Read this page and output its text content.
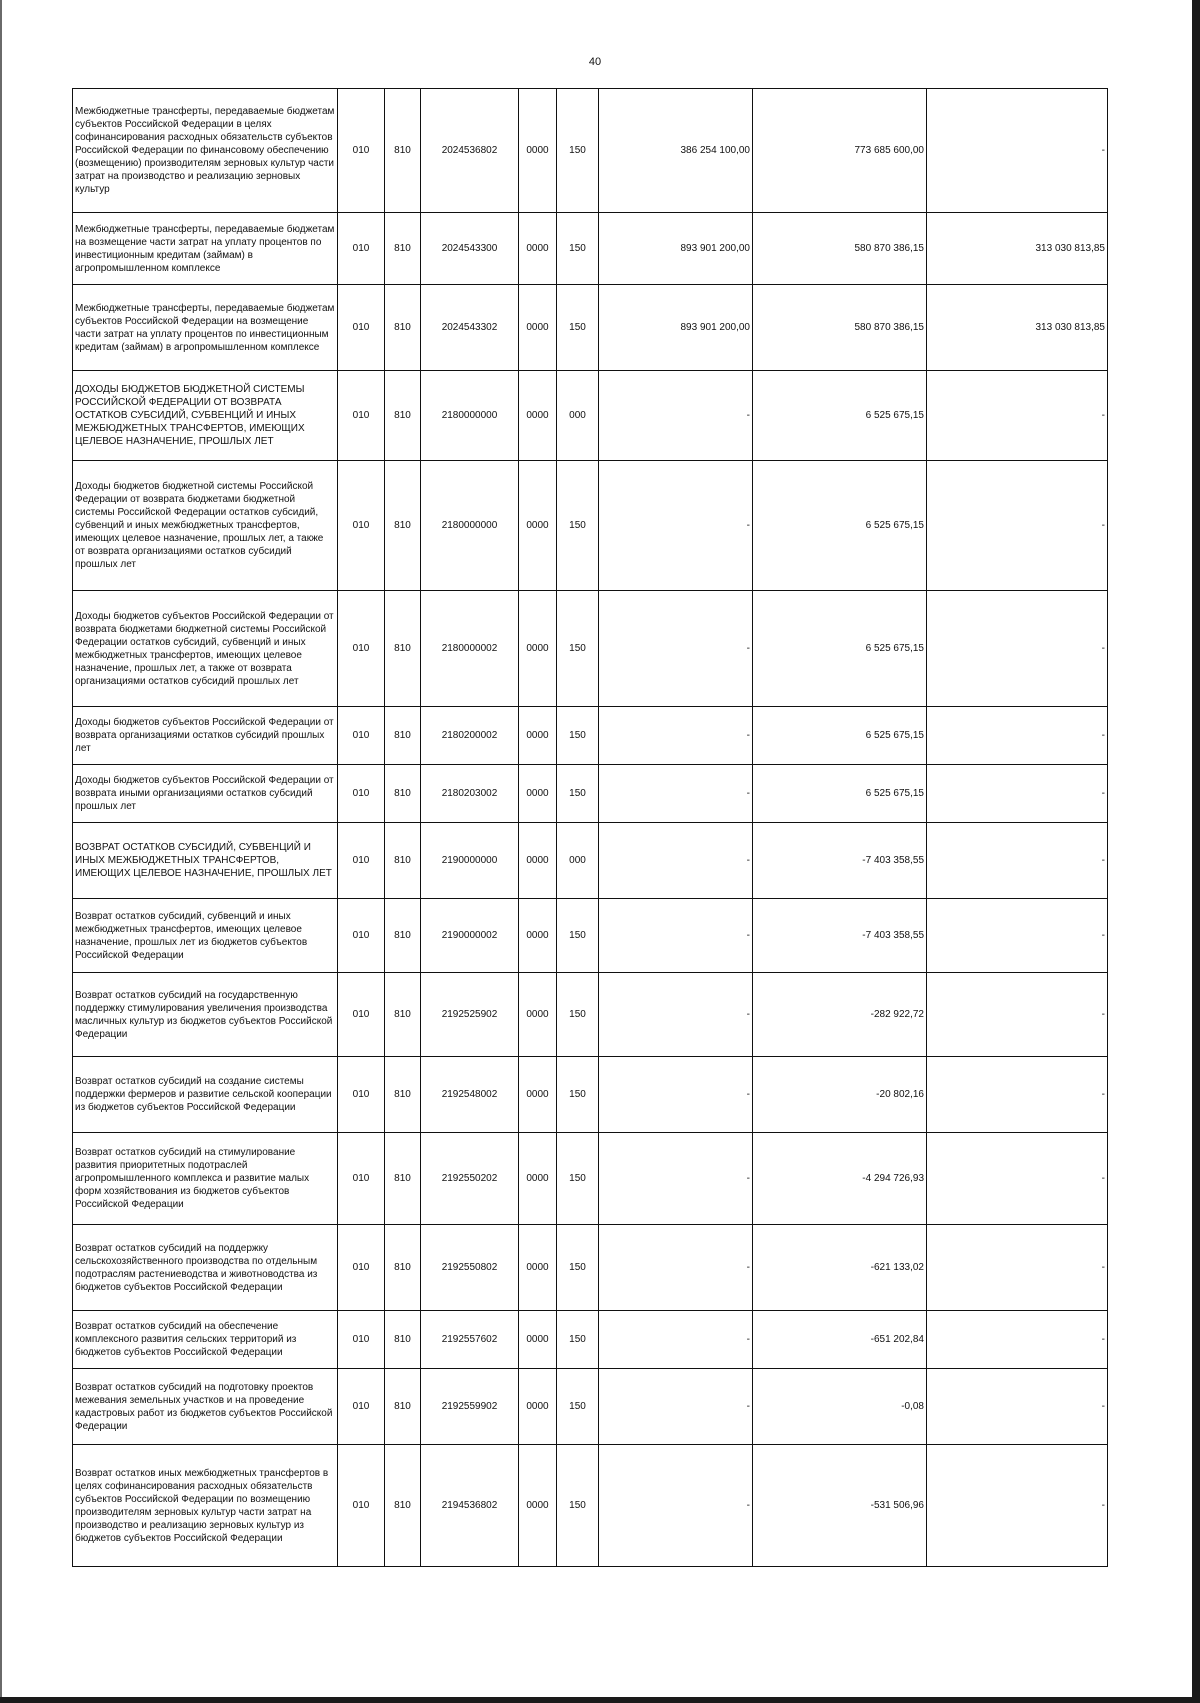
40
Межбюджетные трансферты, передаваемые бюджетам субъектов Российской Федерации в целях софинансирования расходных обязательств субъектов Российской Федерации по финансовому обеспечению (возмещению) производителям зерновых культур части затрат на производство и реализацию зерновых культур	010	810	2024536802	0000	150	386 254 100,00	773 685 600,00	-
Межбюджетные трансферты, передаваемые бюджетам на возмещение части затрат на уплату процентов по инвестиционным кредитам (займам) в агропромышленном комплексе	010	810	2024543300	0000	150	893 901 200,00	580 870 386,15	313 030 813,85
Межбюджетные трансферты, передаваемые бюджетам субъектов Российской Федерации на возмещение части затрат на уплату процентов по инвестиционным кредитам (займам) в агропромышленном комплексе	010	810	2024543302	0000	150	893 901 200,00	580 870 386,15	313 030 813,85
ДОХОДЫ БЮДЖЕТОВ БЮДЖЕТНОЙ СИСТЕМЫ РОССИЙСКОЙ ФЕДЕРАЦИИ ОТ ВОЗВРАТА ОСТАТКОВ СУБСИДИЙ, СУБВЕНЦИЙ И ИНЫХ МЕЖБЮДЖЕТНЫХ ТРАНСФЕРТОВ, ИМЕЮЩИХ ЦЕЛЕВОЕ НАЗНАЧЕНИЕ, ПРОШЛЫХ ЛЕТ	010	810	2180000000	0000	000	-	6 525 675,15	-
Доходы бюджетов бюджетной системы Российской Федерации от возврата бюджетами бюджетной системы Российской Федерации остатков субсидий, субвенций и иных межбюджетных трансфертов, имеющих целевое назначение, прошлых лет, а также от возврата организациями остатков субсидий прошлых лет	010	810	2180000000	0000	150	-	6 525 675,15	-
Доходы бюджетов субъектов Российской Федерации от возврата бюджетами бюджетной системы Российской Федерации остатков субсидий, субвенций и иных межбюджетных трансфертов, имеющих целевое назначение, прошлых лет, а также от возврата организациями остатков субсидий прошлых лет	010	810	2180000002	0000	150	-	6 525 675,15	-
Доходы бюджетов субъектов Российской Федерации от возврата организациями остатков субсидий прошлых лет	010	810	2180200002	0000	150	-	6 525 675,15	-
Доходы бюджетов субъектов Российской Федерации от возврата иными организациями остатков субсидий прошлых лет	010	810	2180203002	0000	150	-	6 525 675,15	-
ВОЗВРАТ ОСТАТКОВ СУБСИДИЙ, СУБВЕНЦИЙ И ИНЫХ МЕЖБЮДЖЕТНЫХ ТРАНСФЕРТОВ, ИМЕЮЩИХ ЦЕЛЕВОЕ НАЗНАЧЕНИЕ, ПРОШЛЫХ ЛЕТ	010	810	2190000000	0000	000	-	-7 403 358,55	-
Возврат остатков субсидий, субвенций и иных межбюджетных трансфертов, имеющих целевое назначение, прошлых лет из бюджетов субъектов Российской Федерации	010	810	2190000002	0000	150	-	-7 403 358,55	-
Возврат остатков субсидий на государственную поддержку стимулирования увеличения производства масличных культур из бюджетов субъектов Российской Федерации	010	810	2192525902	0000	150	-	-282 922,72	-
Возврат остатков субсидий на создание системы поддержки фермеров и развитие сельской кооперации из бюджетов субъектов Российской Федерации	010	810	2192548002	0000	150	-	-20 802,16	-
Возврат остатков субсидий на стимулирование развития приоритетных подотраслей агропромышленного комплекса и развитие малых форм хозяйствования из бюджетов субъектов Российской Федерации	010	810	2192550202	0000	150	-	-4 294 726,93	-
Возврат остатков субсидий на поддержку сельскохозяйственного производства по отдельным подотраслям растениеводства и животноводства из бюджетов субъектов Российской Федерации	010	810	2192550802	0000	150	-	-621 133,02	-
Возврат остатков субсидий на обеспечение комплексного развития сельских территорий из бюджетов субъектов Российской Федерации	010	810	2192557602	0000	150	-	-651 202,84	-
Возврат остатков субсидий на подготовку проектов межевания земельных участков и на проведение кадастровых работ из бюджетов субъектов Российской Федерации	010	810	2192559902	0000	150	-	-0,08	-
Возврат остатков иных межбюджетных трансфертов в целях софинансирования расходных обязательств субъектов Российской Федерации по возмещению производителям зерновых культур части затрат на производство и реализацию зерновых культур из бюджетов субъектов Российской Федерации	010	810	2194536802	0000	150	-	-531 506,96	-
